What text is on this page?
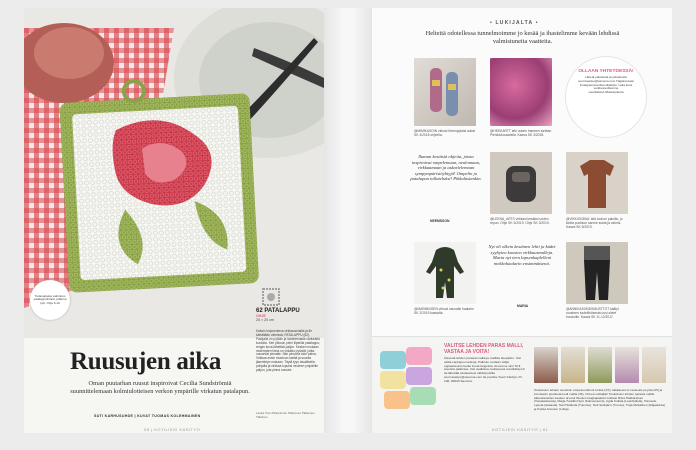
Tuttavarjasta valmistuu patalappuihinkin pulkinut työt. Ohje 6-10
62 PATALAPPU
OHJE
20 × 20 cm
Kaksin kirjoneuleva virkkausmallia ja tiir kärtältään väreissä, PATALAPPU (62). Patojalla on pyhiän ja loisteleimalla värikkäitä kuvioita. Sen pilkoon pieni lilpteilla patalappu; rengin kuva lähettää paljon. Kesken mukaan molempien linna on virkattu pylväät, jotka nousevat pinnalle. Niin pinsoria toim palna. Virkkaa ensin muotoon karttä ja suunta jäsentelyn mukaan. Täytä tyyn tavallisella pohjalla ja virkkaa lopuksi neuleen ympärille paljon, jota pinna nousee.
Lanka Tuto Pikkunimen Pikkuinen Pikkuinen Tähtinen
Ruusujen aika
Oman puutarhan ruusut inspiroivat Cecilia Sundströmiä suunnittelemaan kolmiulotteisen verkon ympärille virkatun patalapun.
SUTI KARHUSUHDE | KUVAT TUOMAS KOLEHMAINEN
58 | KOTILIESI KÄSITYÖ
• LUKIJALTA •
Helteitä odotellessa tunnelmoimme jo kesää ja ihastelimme kevään lehdissä valmistuneita vaatteita.
OLLAAN YHTEYDESSÄ!
Lähetä palautetta ja juttuideoita suuri.kasitoo@sanoma.com Tägää kuvasi Instagramissa #suurikäsityö. Laita kuva verkkosivuillemme suurikäsityö.fi/käsityökerta
@MIMIKASOIN virkosi lihvimppiaisi sukat SK 4/2018 ohjeella.
@HEKEARTT teki uuden hameen tunikan Pienikkä-kaavalla. Kaava SK 3/2018.
Ihanan kesäisiä ohjeita, joista inspiroivat ompelemaan, neulomaan, virkkaamaan ja askartelemaan sympympäristöyhtyjä! Ompelin jo patalapun tullateluksi! Pikkulasiankin.
NEEMSSON	@LEENA_ARTS virkkasi kesäksi uuden repun. Ohje SK 3/2019. Ohje SK 3/2019.
@VIKKIONDIAL sitä tuohon paloillu, jo klotta puolison sanine sukat ja valmis. Kaava SK 5/2019.
Nyt oli olkein kesäinen lehti ja kädet syyhyten kuosien virkkausmalleja. Maria nyt teen lapsenkaplelleni mekkohaalarin ensimmäisenä.
MARIA
@MARMINGEN virkosi vauvalle haalarin SK 2/2019 kaavalla.
@ANNIKASONDSMUSTTOT käälyt rousteen tuulelihöisesta uusi sileet housuille. Kaava SK 11-12/2017.
VALITSE LEHDEN PARAS MALLI, VASTAA JA VOITA!
Äänestä lehden parasta mallia ja mallilas itkupallon. Voit valita Lankapuu lankoja. Palkinto voidaan välijä oppaanleunin kerän kuvat langoista. Arvomme viisi 70 € arvoista palkintoa. Voit osallistua osoitteessa suurikäsityö.fi tai lähettää vastauksesi sähköpostilla suuri.kasityo@sanoma.com tai postitse Suuri Käsityö, PL 100, 00040 Sanoma.
Toukokuun lehden suosituin ompeluenalli oli tunika (XX), laikkasoneni neuleoile peysta (25) ja innostavin poolamannedi mallia (46). Onnea voittajille! Toukokuun lehden parasta mallia äänestäneiden kesken arvotut Woolen langkapaketit voittivat Ritva Hakkarainen (Voisalaiskesta), Marja-Tuulikki Nyrö (Kalvosmiemi), Agda Kullala (Leskhyläsla), Hanneile Lepola (Akaasia), Sari Heikkola (Tuuntso), Noti Selinjärvi (Turuso), Tuija Mettalinen (Rajaskinta) ja Kukka Antunen (Lohja).
KOTILIESI KÄSITYÖ | 61
